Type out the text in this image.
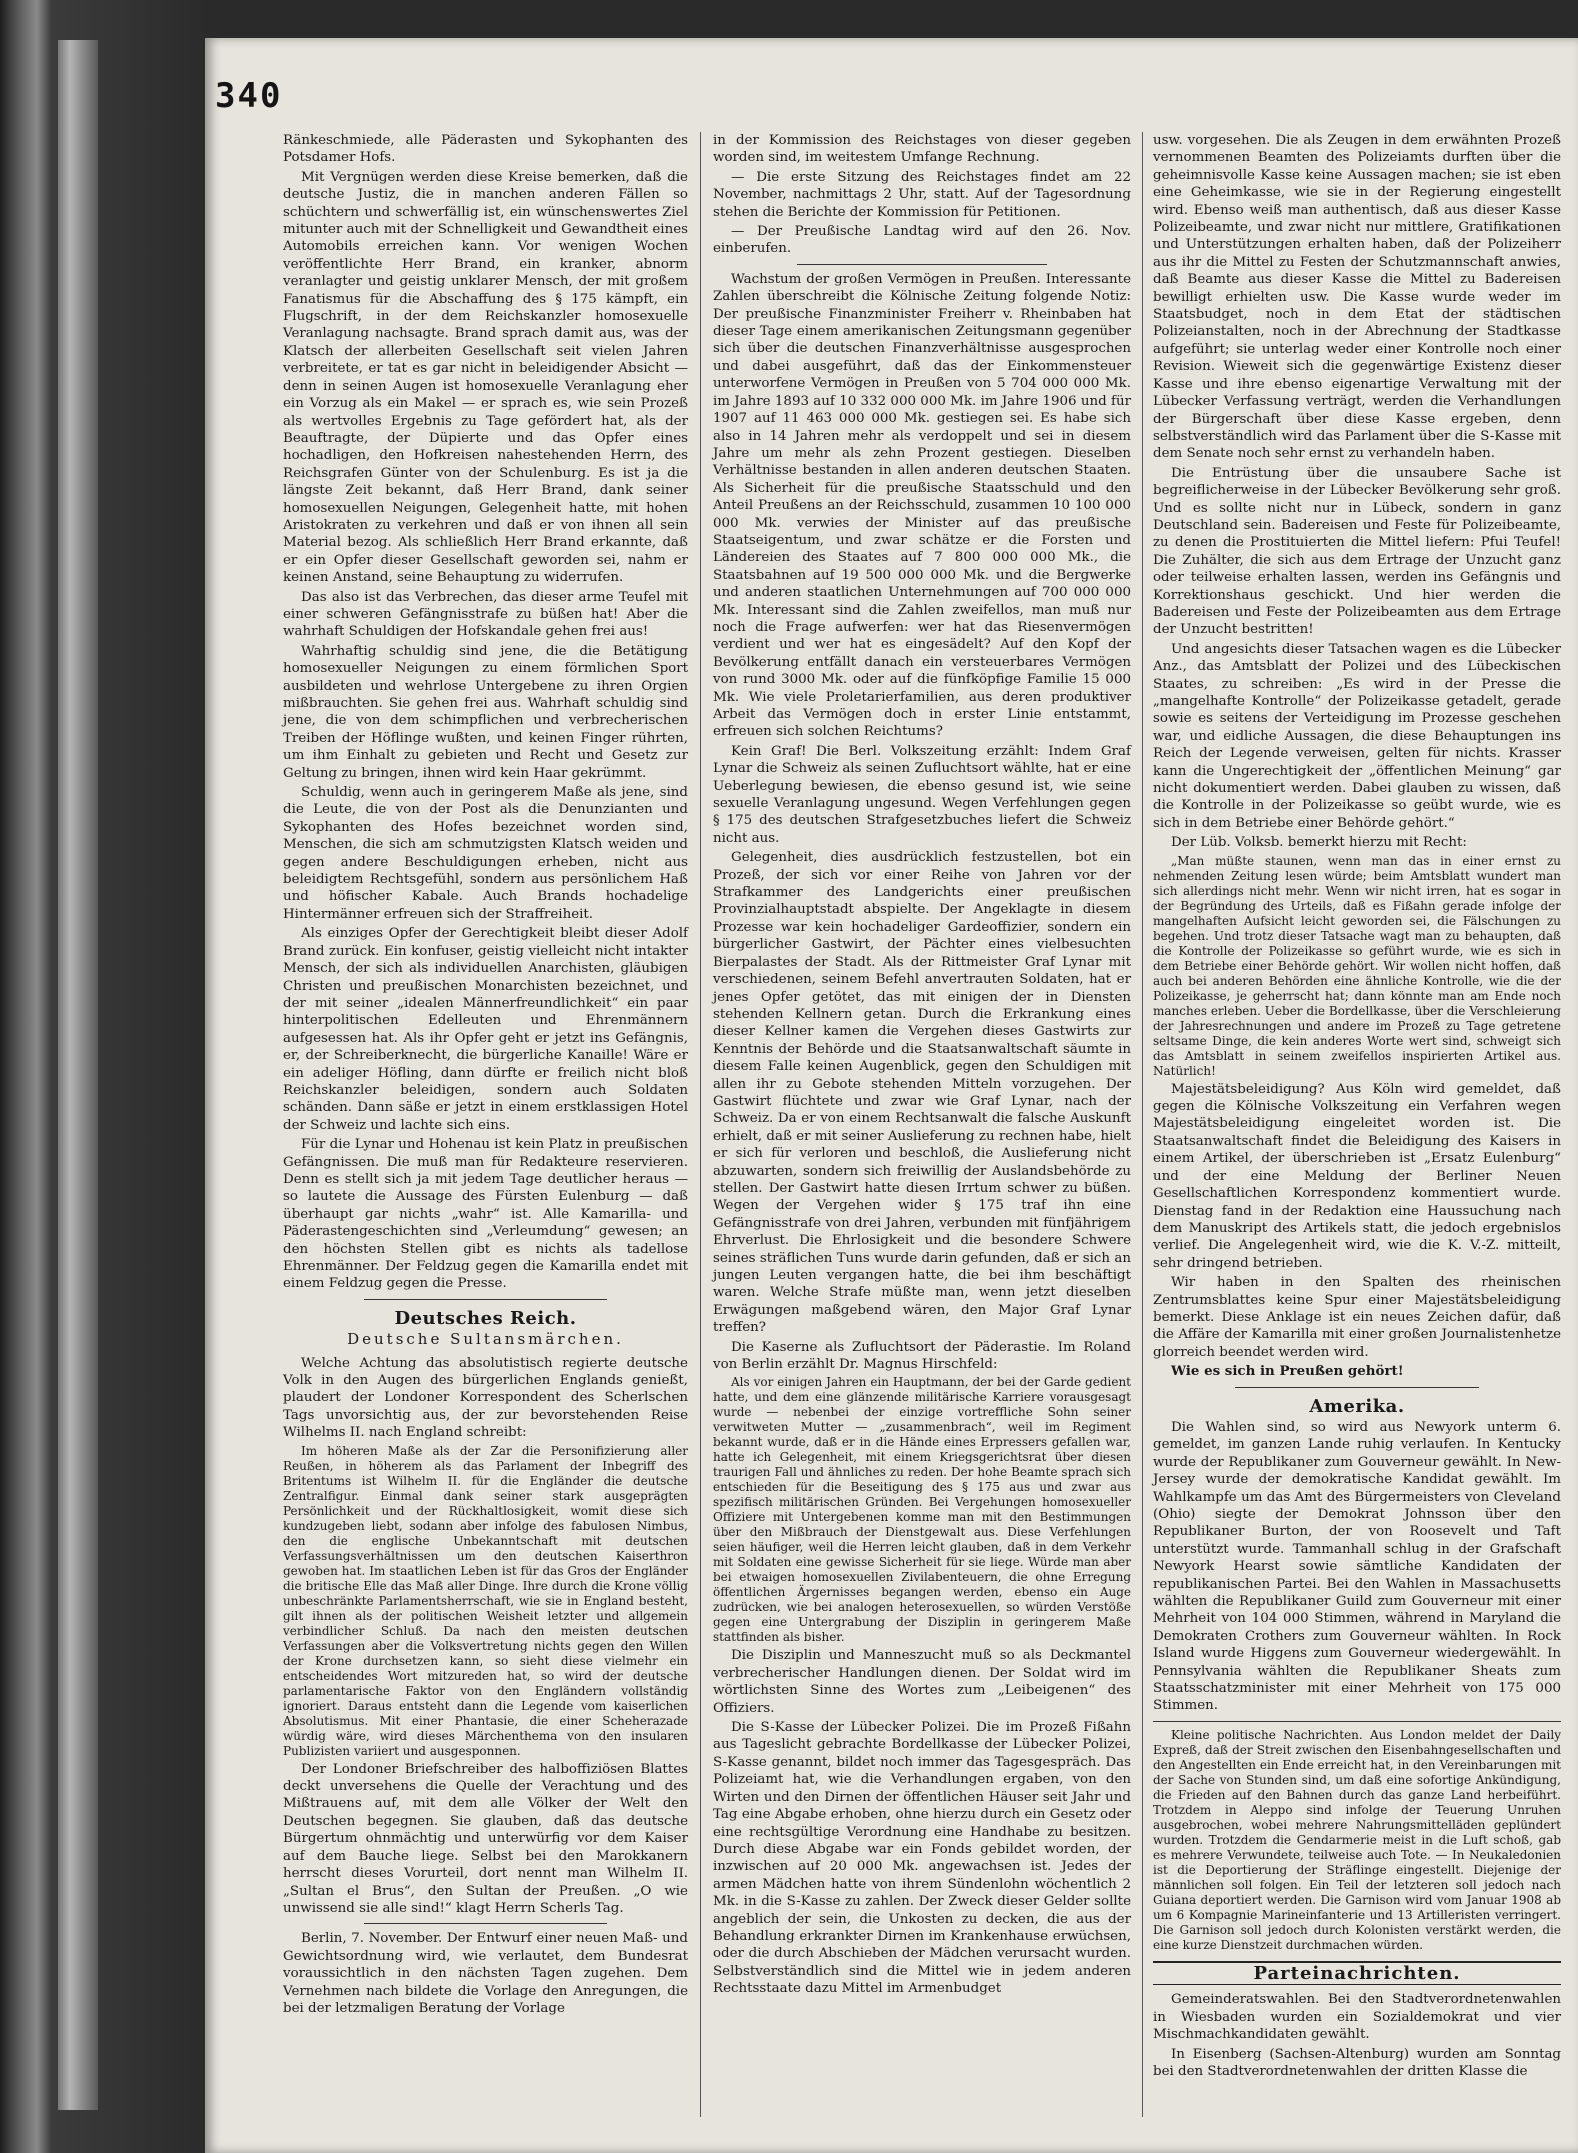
340

Ränkeschmiede, alle Päderasten und Sykophanten des Potsdamer Hofs.

Mit Vergnügen werden diese Kreise bemerken, daß die deutsche Justiz, die in manchen anderen Fällen so schüchtern und schwerfällig ist, ein wünschenswertes Ziel mitunter auch mit der Schnelligkeit und Gewandtheit eines Automobils erreichen kann. Vor wenigen Wochen veröffentlichte Herr Brand, ein kranker, abnorm veranlagter und geistig unklarer Mensch, der mit großem Fanatismus für die Abschaffung des § 175 kämpft, ein Flugschrift, in der dem Reichskanzler homosexuelle Veranlagung nachsagte. Brand sprach damit aus, was der Klatsch der allerbeiten Gesellschaft seit vielen Jahren verbreitete, er tat es gar nicht in beleidigender Absicht — denn in seinen Augen ist homosexuelle Veranlagung eher ein Vorzug als ein Makel — er sprach es, wie sein Prozeß als wertvolles Ergebnis zu Tage gefördert hat, als der Beauftragte, der Düpierte und das Opfer eines hochadligen, den Hofkreisen nahestehenden Herrn, des Reichsgrafen Günter von der Schulenburg. Es ist ja die längste Zeit bekannt, daß Herr Brand, dank seiner homosexuellen Neigungen, Gelegenheit hatte, mit hohen Aristokraten zu verkehren und daß er von ihnen all sein Material bezog. Als schließlich Herr Brand erkannte, daß er ein Opfer dieser Gesellschaft geworden sei, nahm er keinen Anstand, seine Behauptung zu widerrufen.

Das also ist das Verbrechen, das dieser arme Teufel mit einer schweren Gefängnisstrafe zu büßen hat! Aber die wahrhaft Schuldigen der Hofskandale gehen frei aus!

Wahrhaftig schuldig sind jene, die die Betätigung homosexueller Neigungen zu einem förmlichen Sport ausbildeten und wehrlose Untergebene zu ihren Orgien mißbrauchten. Sie gehen frei aus. Wahrhaft schuldig sind jene, die von dem schimpflichen und verbrecherischen Treiben der Höflinge wußten, und keinen Finger rührten, um ihm Einhalt zu gebieten und Recht und Gesetz zur Geltung zu bringen, ihnen wird kein Haar gekrümmt.

Schuldig, wenn auch in geringerem Maße als jene, sind die Leute, die von der Post als die Denunzianten und Sykophanten des Hofes bezeichnet worden sind, Menschen, die sich am schmutzigsten Klatsch weiden und gegen andere Beschuldigungen erheben, nicht aus beleidigtem Rechtsgefühl, sondern aus persönlichem Haß und höfischer Kabale. Auch Brands hochadelige Hintermänner erfreuen sich der Straffreiheit.

Als einziges Opfer der Gerechtigkeit bleibt dieser Adolf Brand zurück. Ein konfuser, geistig vielleicht nicht intakter Mensch, der sich als individuellen Anarchisten, gläubigen Christen und preußischen Monarchisten bezeichnet, und der mit seiner „idealen Männerfreundlichkeit“ ein paar hinterpolitischen Edelleuten und Ehrenmännern aufgesessen hat. Als ihr Opfer geht er jetzt ins Gefängnis, er, der Schreiberknecht, die bürgerliche Kanaille! Wäre er ein adeliger Höfling, dann dürfte er freilich nicht bloß Reichskanzler beleidigen, sondern auch Soldaten schänden. Dann säße er jetzt in einem erstklassigen Hotel der Schweiz und lachte sich eins.

Für die Lynar und Hohenau ist kein Platz in preußischen Gefängnissen. Die muß man für Redakteure reservieren. Denn es stellt sich ja mit jedem Tage deutlicher heraus — so lautete die Aussage des Fürsten Eulenburg — daß überhaupt gar nichts „wahr“ ist. Alle Kamarilla- und Päderastengeschichten sind „Verleumdung“ gewesen; an den höchsten Stellen gibt es nichts als tadellose Ehrenmänner. Der Feldzug gegen die Kamarilla endet mit einem Feldzug gegen die Presse.

Deutsches Reich.
Deutsche Sultansmärchen.

Welche Achtung das absolutistisch regierte deutsche Volk in den Augen des bürgerlichen Englands genießt, plaudert der Londoner Korrespondent des Scherlschen Tags unvorsichtig aus, der zur bevorstehenden Reise Wilhelms II. nach England schreibt:

Im höheren Maße als der Zar die Personifizierung aller Reußen, in höherem als das Parlament der Inbegriff des Britentums ist Wilhelm II. für die Engländer die deutsche Zentralfigur. Einmal dank seiner stark ausgeprägten Persönlichkeit und der Rückhaltlosigkeit, womit diese sich kundzugeben liebt, sodann aber infolge des fabulosen Nimbus, den die englische Unbekanntschaft mit deutschen Verfassungsverhältnissen um den deutschen Kaiserthron gewoben hat. Im staatlichen Leben ist für das Gros der Engländer die britische Elle das Maß aller Dinge. Ihre durch die Krone völlig unbeschränkte Parlamentsherrschaft, wie sie in England besteht, gilt ihnen als der politischen Weisheit letzter und allgemein verbindlicher Schluß. Da nach den meisten deutschen Verfassungen aber die Volksvertretung nichts gegen den Willen der Krone durchsetzen kann, so sieht diese vielmehr ein entscheidendes Wort mitzureden hat, so wird der deutsche parlamentarische Faktor von den Engländern vollständig ignoriert. Daraus entsteht dann die Legende vom kaiserlichen Absolutismus. Mit einer Phantasie, die einer Scheherazade würdig wäre, wird dieses Märchenthema von den insularen Publizisten variiert und ausgesponnen.

Der Londoner Briefschreiber des halboffiziösen Blattes deckt unversehens die Quelle der Verachtung und des Mißtrauens auf, mit dem alle Völker der Welt den Deutschen begegnen. Sie glauben, daß das deutsche Bürgertum ohnmächtig und unterwürfig vor dem Kaiser auf dem Bauche liege. Selbst bei den Marokkanern herrscht dieses Vorurteil, dort nennt man Wilhelm II. „Sultan el Brus“, den Sultan der Preußen. „O wie unwissend sie alle sind!“ klagt Herrn Scherls Tag.

Berlin, 7. November. Der Entwurf einer neuen Maß- und Gewichtsordnung wird, wie verlautet, dem Bundesrat voraussichtlich in den nächsten Tagen zugehen. Dem Vernehmen nach bildete die Vorlage den Anregungen, die bei der letzmaligen Beratung der Vorlage

in der Kommission des Reichstages von dieser gegeben worden sind, im weitestem Umfange Rechnung.

— Die erste Sitzung des Reichstages findet am 22 November, nachmittags 2 Uhr, statt. Auf der Tagesordnung stehen die Berichte der Kommission für Petitionen.

— Der Preußische Landtag wird auf den 26. Nov. einberufen.

Wachstum der großen Vermögen in Preußen. Interessante Zahlen überschreibt die Kölnische Zeitung folgende Notiz: Der preußische Finanzminister Freiherr v. Rheinbaben hat dieser Tage einem amerikanischen Zeitungsmann gegenüber sich über die deutschen Finanzverhältnisse ausgesprochen und dabei ausgeführt, daß das der Einkommensteuer unterworfene Vermögen in Preußen von 5 704 000 000 Mk. im Jahre 1893 auf 10 332 000 000 Mk. im Jahre 1906 und für 1907 auf 11 463 000 000 Mk. gestiegen sei. Es habe sich also in 14 Jahren mehr als verdoppelt und sei in diesem Jahre um mehr als zehn Prozent gestiegen. Dieselben Verhältnisse bestanden in allen anderen deutschen Staaten. Als Sicherheit für die preußische Staatsschuld und den Anteil Preußens an der Reichsschuld, zusammen 10 100 000 000 Mk. verwies der Minister auf das preußische Staatseigentum, und zwar schätze er die Forsten und Ländereien des Staates auf 7 800 000 000 Mk., die Staatsbahnen auf 19 500 000 000 Mk. und die Bergwerke und anderen staatlichen Unternehmungen auf 700 000 000 Mk. Interessant sind die Zahlen zweifellos, man muß nur noch die Frage aufwerfen: wer hat das Riesenvermögen verdient und wer hat es eingesädelt? Auf den Kopf der Bevölkerung entfällt danach ein versteuerbares Vermögen von rund 3000 Mk. oder auf die fünfköpfige Familie 15 000 Mk. Wie viele Proletarierfamilien, aus deren produktiver Arbeit das Vermögen doch in erster Linie entstammt, erfreuen sich solchen Reichtums?

Kein Graf! Die Berl. Volkszeitung erzählt: Indem Graf Lynar die Schweiz als seinen Zufluchtsort wählte, hat er eine Ueberlegung bewiesen, die ebenso gesund ist, wie seine sexuelle Veranlagung ungesund. Wegen Verfehlungen gegen § 175 des deutschen Strafgesetzbuches liefert die Schweiz nicht aus.

Gelegenheit, dies ausdrücklich festzustellen, bot ein Prozeß, der sich vor einer Reihe von Jahren vor der Strafkammer des Landgerichts einer preußischen Provinzialhauptstadt abspielte. Der Angeklagte in diesem Prozesse war kein hochadeliger Gardeoffizier, sondern ein bürgerlicher Gastwirt, der Pächter eines vielbesuchten Bierpalastes der Stadt. Als der Rittmeister Graf Lynar mit verschiedenen, seinem Befehl anvertrauten Soldaten, hat er jenes Opfer getötet, das mit einigen der in Diensten stehenden Kellnern getan. Durch die Erkrankung eines dieser Kellner kamen die Vergehen dieses Gastwirts zur Kenntnis der Behörde und die Staatsanwaltschaft säumte in diesem Falle keinen Augenblick, gegen den Schuldigen mit allen ihr zu Gebote stehenden Mitteln vorzugehen. Der Gastwirt flüchtete und zwar wie Graf Lynar, nach der Schweiz. Da er von einem Rechtsanwalt die falsche Auskunft erhielt, daß er mit seiner Auslieferung zu rechnen habe, hielt er sich für verloren und beschloß, die Auslieferung nicht abzuwarten, sondern sich freiwillig der Auslandsbehörde zu stellen. Der Gastwirt hatte diesen Irrtum schwer zu büßen. Wegen der Vergehen wider § 175 traf ihn eine Gefängnisstrafe von drei Jahren, verbunden mit fünfjährigem Ehrverlust. Die Ehrlosigkeit und die besondere Schwere seines sträflichen Tuns wurde darin gefunden, daß er sich an jungen Leuten vergangen hatte, die bei ihm beschäftigt waren. Welche Strafe müßte man, wenn jetzt dieselben Erwägungen maßgebend wären, den Major Graf Lynar treffen?

Die Kaserne als Zufluchtsort der Päderastie. Im Roland von Berlin erzählt Dr. Magnus Hirschfeld:

Als vor einigen Jahren ein Hauptmann, der bei der Garde gedient hatte, und dem eine glänzende militärische Karriere vorausgesagt wurde — nebenbei der einzige vortreffliche Sohn seiner verwitweten Mutter — „zusammenbrach“, weil im Regiment bekannt wurde, daß er in die Hände eines Erpressers gefallen war, hatte ich Gelegenheit, mit einem Kriegsgerichtsrat über diesen traurigen Fall und ähnliches zu reden. Der hohe Beamte sprach sich entschieden für die Beseitigung des § 175 aus und zwar aus spezifisch militärischen Gründen. Bei Vergehungen homosexueller Offiziere mit Untergebenen komme man mit den Bestimmungen über den Mißbrauch der Dienstgewalt aus. Diese Verfehlungen seien häufiger, weil die Herren leicht glauben, daß in dem Verkehr mit Soldaten eine gewisse Sicherheit für sie liege. Würde man aber bei etwaigen homosexuellen Zivilabenteuern, die ohne Erregung öffentlichen Ärgernisses begangen werden, ebenso ein Auge zudrücken, wie bei analogen heterosexuellen, so würden Verstöße gegen eine Untergrabung der Disziplin in geringerem Maße stattfinden als bisher.

Die Disziplin und Manneszucht muß so als Deckmantel verbrecherischer Handlungen dienen. Der Soldat wird im wörtlichsten Sinne des Wortes zum „Leibeigenen“ des Offiziers.

Die S-Kasse der Lübecker Polizei. Die im Prozeß Fißahn aus Tageslicht gebrachte Bordellkasse der Lübecker Polizei, S-Kasse genannt, bildet noch immer das Tagesgespräch. Das Polizeiamt hat, wie die Verhandlungen ergaben, von den Wirten und den Dirnen der öffentlichen Häuser seit Jahr und Tag eine Abgabe erhoben, ohne hierzu durch ein Gesetz oder eine rechtsgültige Verordnung eine Handhabe zu besitzen. Durch diese Abgabe war ein Fonds gebildet worden, der inzwischen auf 20 000 Mk. angewachsen ist. Jedes der armen Mädchen hatte von ihrem Sündenlohn wöchentlich 2 Mk. in die S-Kasse zu zahlen. Der Zweck dieser Gelder sollte angeblich der sein, die Unkosten zu decken, die aus der Behandlung erkrankter Dirnen im Krankenhause erwüchsen, oder die durch Abschieben der Mädchen verursacht wurden. Selbstverständlich sind die Mittel wie in jedem anderen Rechtsstaate dazu Mittel im Armenbudget

usw. vorgesehen. Die als Zeugen in dem erwähnten Prozeß vernommenen Beamten des Polizeiamts durften über die geheimnisvolle Kasse keine Aussagen machen; sie ist eben eine Geheimkasse, wie sie in der Regierung eingestellt wird. Ebenso weiß man authentisch, daß aus dieser Kasse Polizeibeamte, und zwar nicht nur mittlere, Gratifikationen und Unterstützungen erhalten haben, daß der Polizeiherr aus ihr die Mittel zu Festen der Schutzmannschaft anwies, daß Beamte aus dieser Kasse die Mittel zu Badereisen bewilligt erhielten usw. Die Kasse wurde weder im Staatsbudget, noch in dem Etat der städtischen Polizeianstalten, noch in der Abrechnung der Stadtkasse aufgeführt; sie unterlag weder einer Kontrolle noch einer Revision. Wieweit sich die gegenwärtige Existenz dieser Kasse und ihre ebenso eigenartige Verwaltung mit der Lübecker Verfassung verträgt, werden die Verhandlungen der Bürgerschaft über diese Kasse ergeben, denn selbstverständlich wird das Parlament über die S-Kasse mit dem Senate noch sehr ernst zu verhandeln haben.

Die Entrüstung über die unsaubere Sache ist begreiflicherweise in der Lübecker Bevölkerung sehr groß. Und es sollte nicht nur in Lübeck, sondern in ganz Deutschland sein. Badereisen und Feste für Polizeibeamte, zu denen die Prostituierten die Mittel liefern: Pfui Teufel! Die Zuhälter, die sich aus dem Ertrage der Unzucht ganz oder teilweise erhalten lassen, werden ins Gefängnis und Korrektionshaus geschickt. Und hier werden die Badereisen und Feste der Polizeibeamten aus dem Ertrage der Unzucht bestritten!

Und angesichts dieser Tatsachen wagen es die Lübecker Anz., das Amtsblatt der Polizei und des Lübeckischen Staates, zu schreiben: „Es wird in der Presse die „mangelhafte Kontrolle“ der Polizeikasse getadelt, gerade sowie es seitens der Verteidigung im Prozesse geschehen war, und eidliche Aussagen, die diese Behauptungen ins Reich der Legende verweisen, gelten für nichts. Krasser kann die Ungerechtigkeit der „öffentlichen Meinung“ gar nicht dokumentiert werden. Dabei glauben zu wissen, daß die Kontrolle in der Polizeikasse so geübt wurde, wie es sich in dem Betriebe einer Behörde gehört.“

Der Lüb. Volksb. bemerkt hierzu mit Recht:

„Man müßte staunen, wenn man das in einer ernst zu nehmenden Zeitung lesen würde; beim Amtsblatt wundert man sich allerdings nicht mehr. Wenn wir nicht irren, hat es sogar in der Begründung des Urteils, daß es Fißahn gerade infolge der mangelhaften Aufsicht leicht geworden sei, die Fälschungen zu begehen. Und trotz dieser Tatsache wagt man zu behaupten, daß die Kontrolle der Polizeikasse so geführt wurde, wie es sich in dem Betriebe einer Behörde gehört. Wir wollen nicht hoffen, daß auch bei anderen Behörden eine ähnliche Kontrolle, wie die der Polizeikasse, je geherrscht hat; dann könnte man am Ende noch manches erleben. Ueber die Bordellkasse, über die Verschleierung der Jahresrechnungen und andere im Prozeß zu Tage getretene seltsame Dinge, die kein anderes Worte wert sind, schweigt sich das Amtsblatt in seinem zweifellos inspirierten Artikel aus. Natürlich!

Majestätsbeleidigung? Aus Köln wird gemeldet, daß gegen die Kölnische Volkszeitung ein Verfahren wegen Majestätsbeleidigung eingeleitet worden ist. Die Staatsanwaltschaft findet die Beleidigung des Kaisers in einem Artikel, der überschrieben ist „Ersatz Eulenburg“ und der eine Meldung der Berliner Neuen Gesellschaftlichen Korrespondenz kommentiert wurde. Dienstag fand in der Redaktion eine Haussuchung nach dem Manuskript des Artikels statt, die jedoch ergebnislos verlief. Die Angelegenheit wird, wie die K. V.-Z. mitteilt, sehr dringend betrieben.

Wir haben in den Spalten des rheinischen Zentrumsblattes keine Spur einer Majestätsbeleidigung bemerkt. Diese Anklage ist ein neues Zeichen dafür, daß die Affäre der Kamarilla mit einer großen Journalistenhetze glorreich beendet werden wird.

Wie es sich in Preußen gehört!

Amerika.

Die Wahlen sind, so wird aus Newyork unterm 6. gemeldet, im ganzen Lande ruhig verlaufen. In Kentucky wurde der Republikaner zum Gouverneur gewählt. In New-Jersey wurde der demokratische Kandidat gewählt. Im Wahlkampfe um das Amt des Bürgermeisters von Cleveland (Ohio) siegte der Demokrat Johnsson über den Republikaner Burton, der von Roosevelt und Taft unterstützt wurde. Tammanhall schlug in der Grafschaft Newyork Hearst sowie sämtliche Kandidaten der republikanischen Partei. Bei den Wahlen in Massachusetts wählten die Republikaner Guild zum Gouverneur mit einer Mehrheit von 104 000 Stimmen, während in Maryland die Demokraten Crothers zum Gouverneur wählten. In Rock Island wurde Higgens zum Gouverneur wiedergewählt. In Pennsylvania wählten die Republikaner Sheats zum Staatsschatzminister mit einer Mehrheit von 175 000 Stimmen.

Kleine politische Nachrichten. Aus London meldet der Daily Expreß, daß der Streit zwischen den Eisenbahngesellschaften und den Angestellten ein Ende erreicht hat, in den Vereinbarungen mit der Sache von Stunden sind, um daß eine sofortige Ankündigung, die Frieden auf den Bahnen durch das ganze Land herbeiführt. Trotzdem in Aleppo sind infolge der Teuerung Unruhen ausgebrochen, wobei mehrere Nahrungsmittelläden geplündert wurden. Trotzdem die Gendarmerie meist in die Luft schoß, gab es mehrere Verwundete, teilweise auch Tote. — In Neukaledonien ist die Deportierung der Sträflinge eingestellt. Diejenige der männlichen soll folgen. Ein Teil der letzteren soll jedoch nach Guiana deportiert werden. Die Garnison wird vom Januar 1908 ab um 6 Kompagnie Marineinfanterie und 13 Artilleristen verringert. Die Garnison soll jedoch durch Kolonisten verstärkt werden, die eine kurze Dienstzeit durchmachen würden.

Parteinachrichten.

Gemeinderatswahlen. Bei den Stadtverordnetenwahlen in Wiesbaden wurden ein Sozialdemokrat und vier Mischmachkandidaten gewählt.

In Eisenberg (Sachsen-Altenburg) wurden am Sonntag bei den Stadtverordnetenwahlen der dritten Klasse die
